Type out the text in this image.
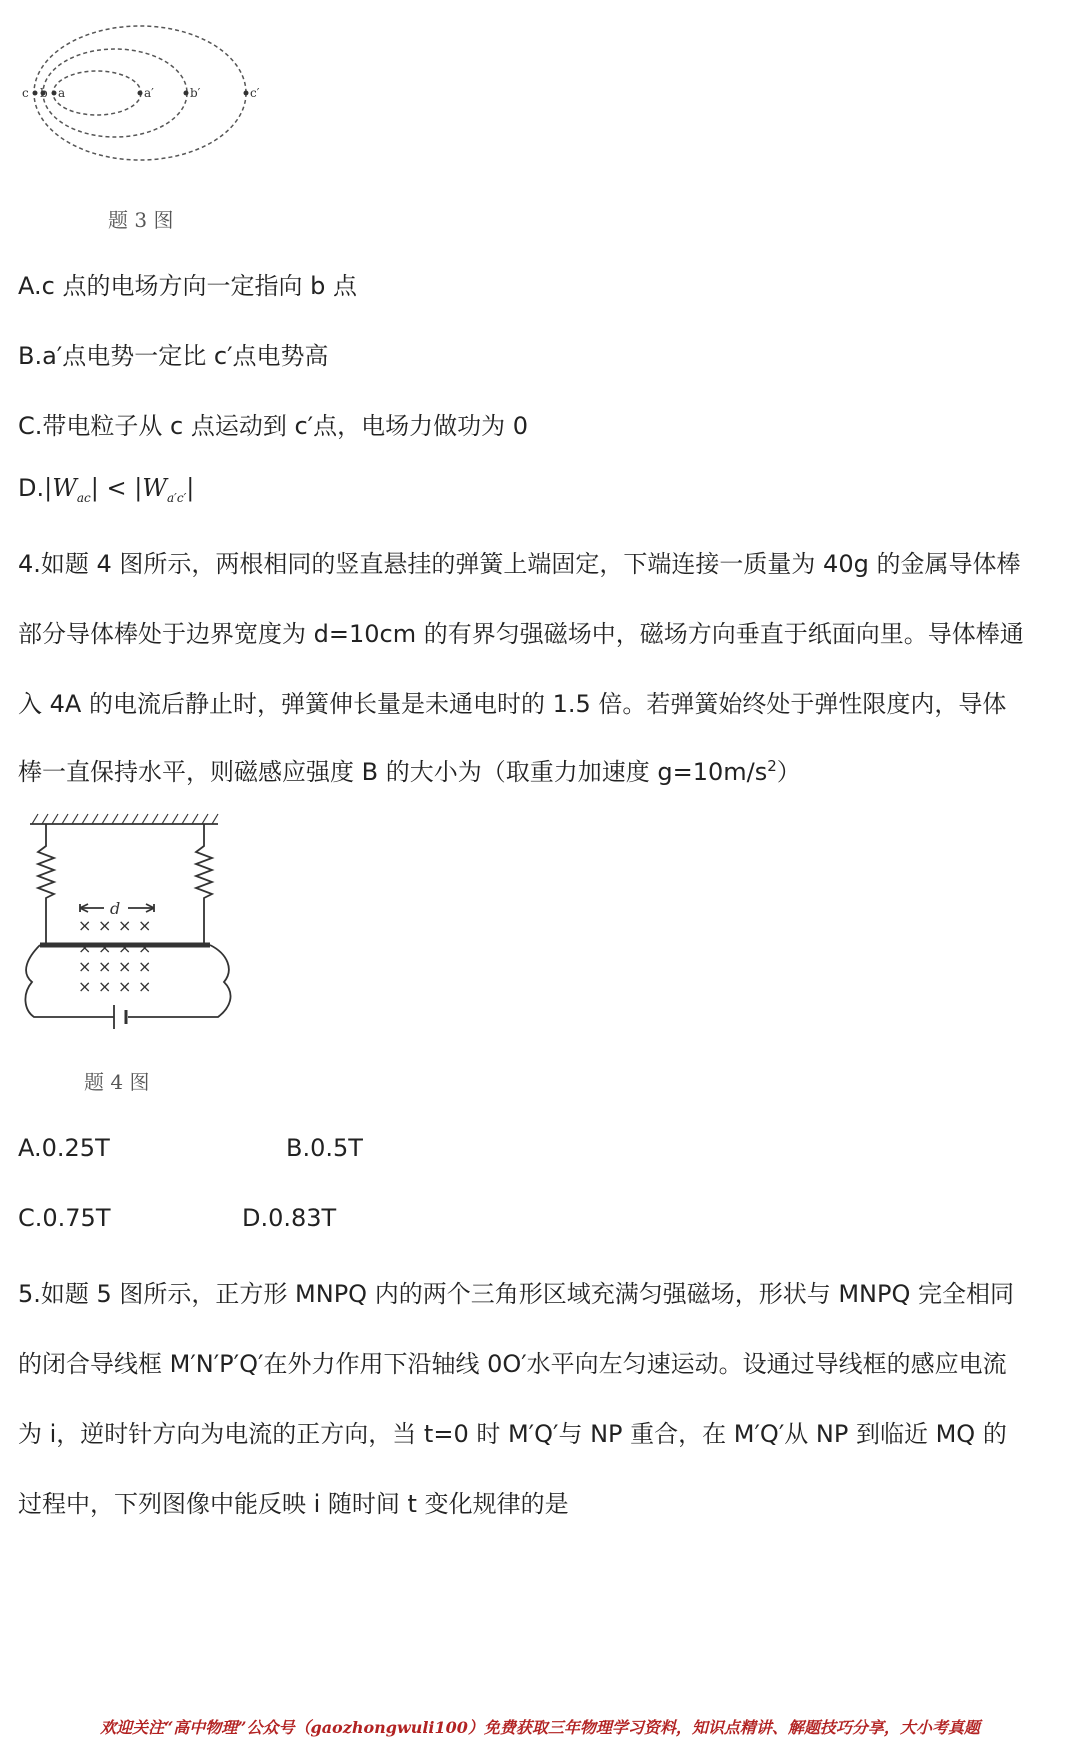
c b a	a′	b′	c′
题 3 图
A.c 点的电场方向一定指向 b 点
B.a′点电势一定比 c′点电势高
C.带电粒子从 c 点运动到 c′点，电场力做功为 0
$D.|W_{ac}| < |W_{a'c'}|$
4.如题 4 图所示，两根相同的竖直悬挂的弹簧上端固定，下端连接一质量为 40g 的金属导体棒
部分导体棒处于边界宽度为 d=10cm 的有界匀强磁场中，磁场方向垂直于纸面向里。导体棒通
入 4A 的电流后静止时，弹簧伸长量是未通电时的 1.5 倍。若弹簧始终处于弹性限度内，导体
棒一直保持水平，则磁感应强度 B 的大小为（取重力加速度 $g=10m/s^2$）
d
× × × ×
× × × ×
× × × ×
× × × ×
题 4 图
A.0.25T	B.0.5T
C.0.75T	D.0.83T
5.如题 5 图所示，正方形 MNPQ 内的两个三角形区域充满匀强磁场，形状与 MNPQ 完全相同
的闭合导线框 M′N′P′Q′在外力作用下沿轴线 0O′水平向左匀速运动。设通过导线框的感应电流
为 i，逆时针方向为电流的正方向，当 t=0 时 M′Q′与 NP 重合，在 M′Q′从 NP 到临近 MQ 的
过程中，下列图像中能反映 i 随时间 t 变化规律的是
欢迎关注“高中物理”公众号（gaozhongwuli100）免费获取三年物理学习资料，知识点精讲、解题技巧分享，大小考真题
